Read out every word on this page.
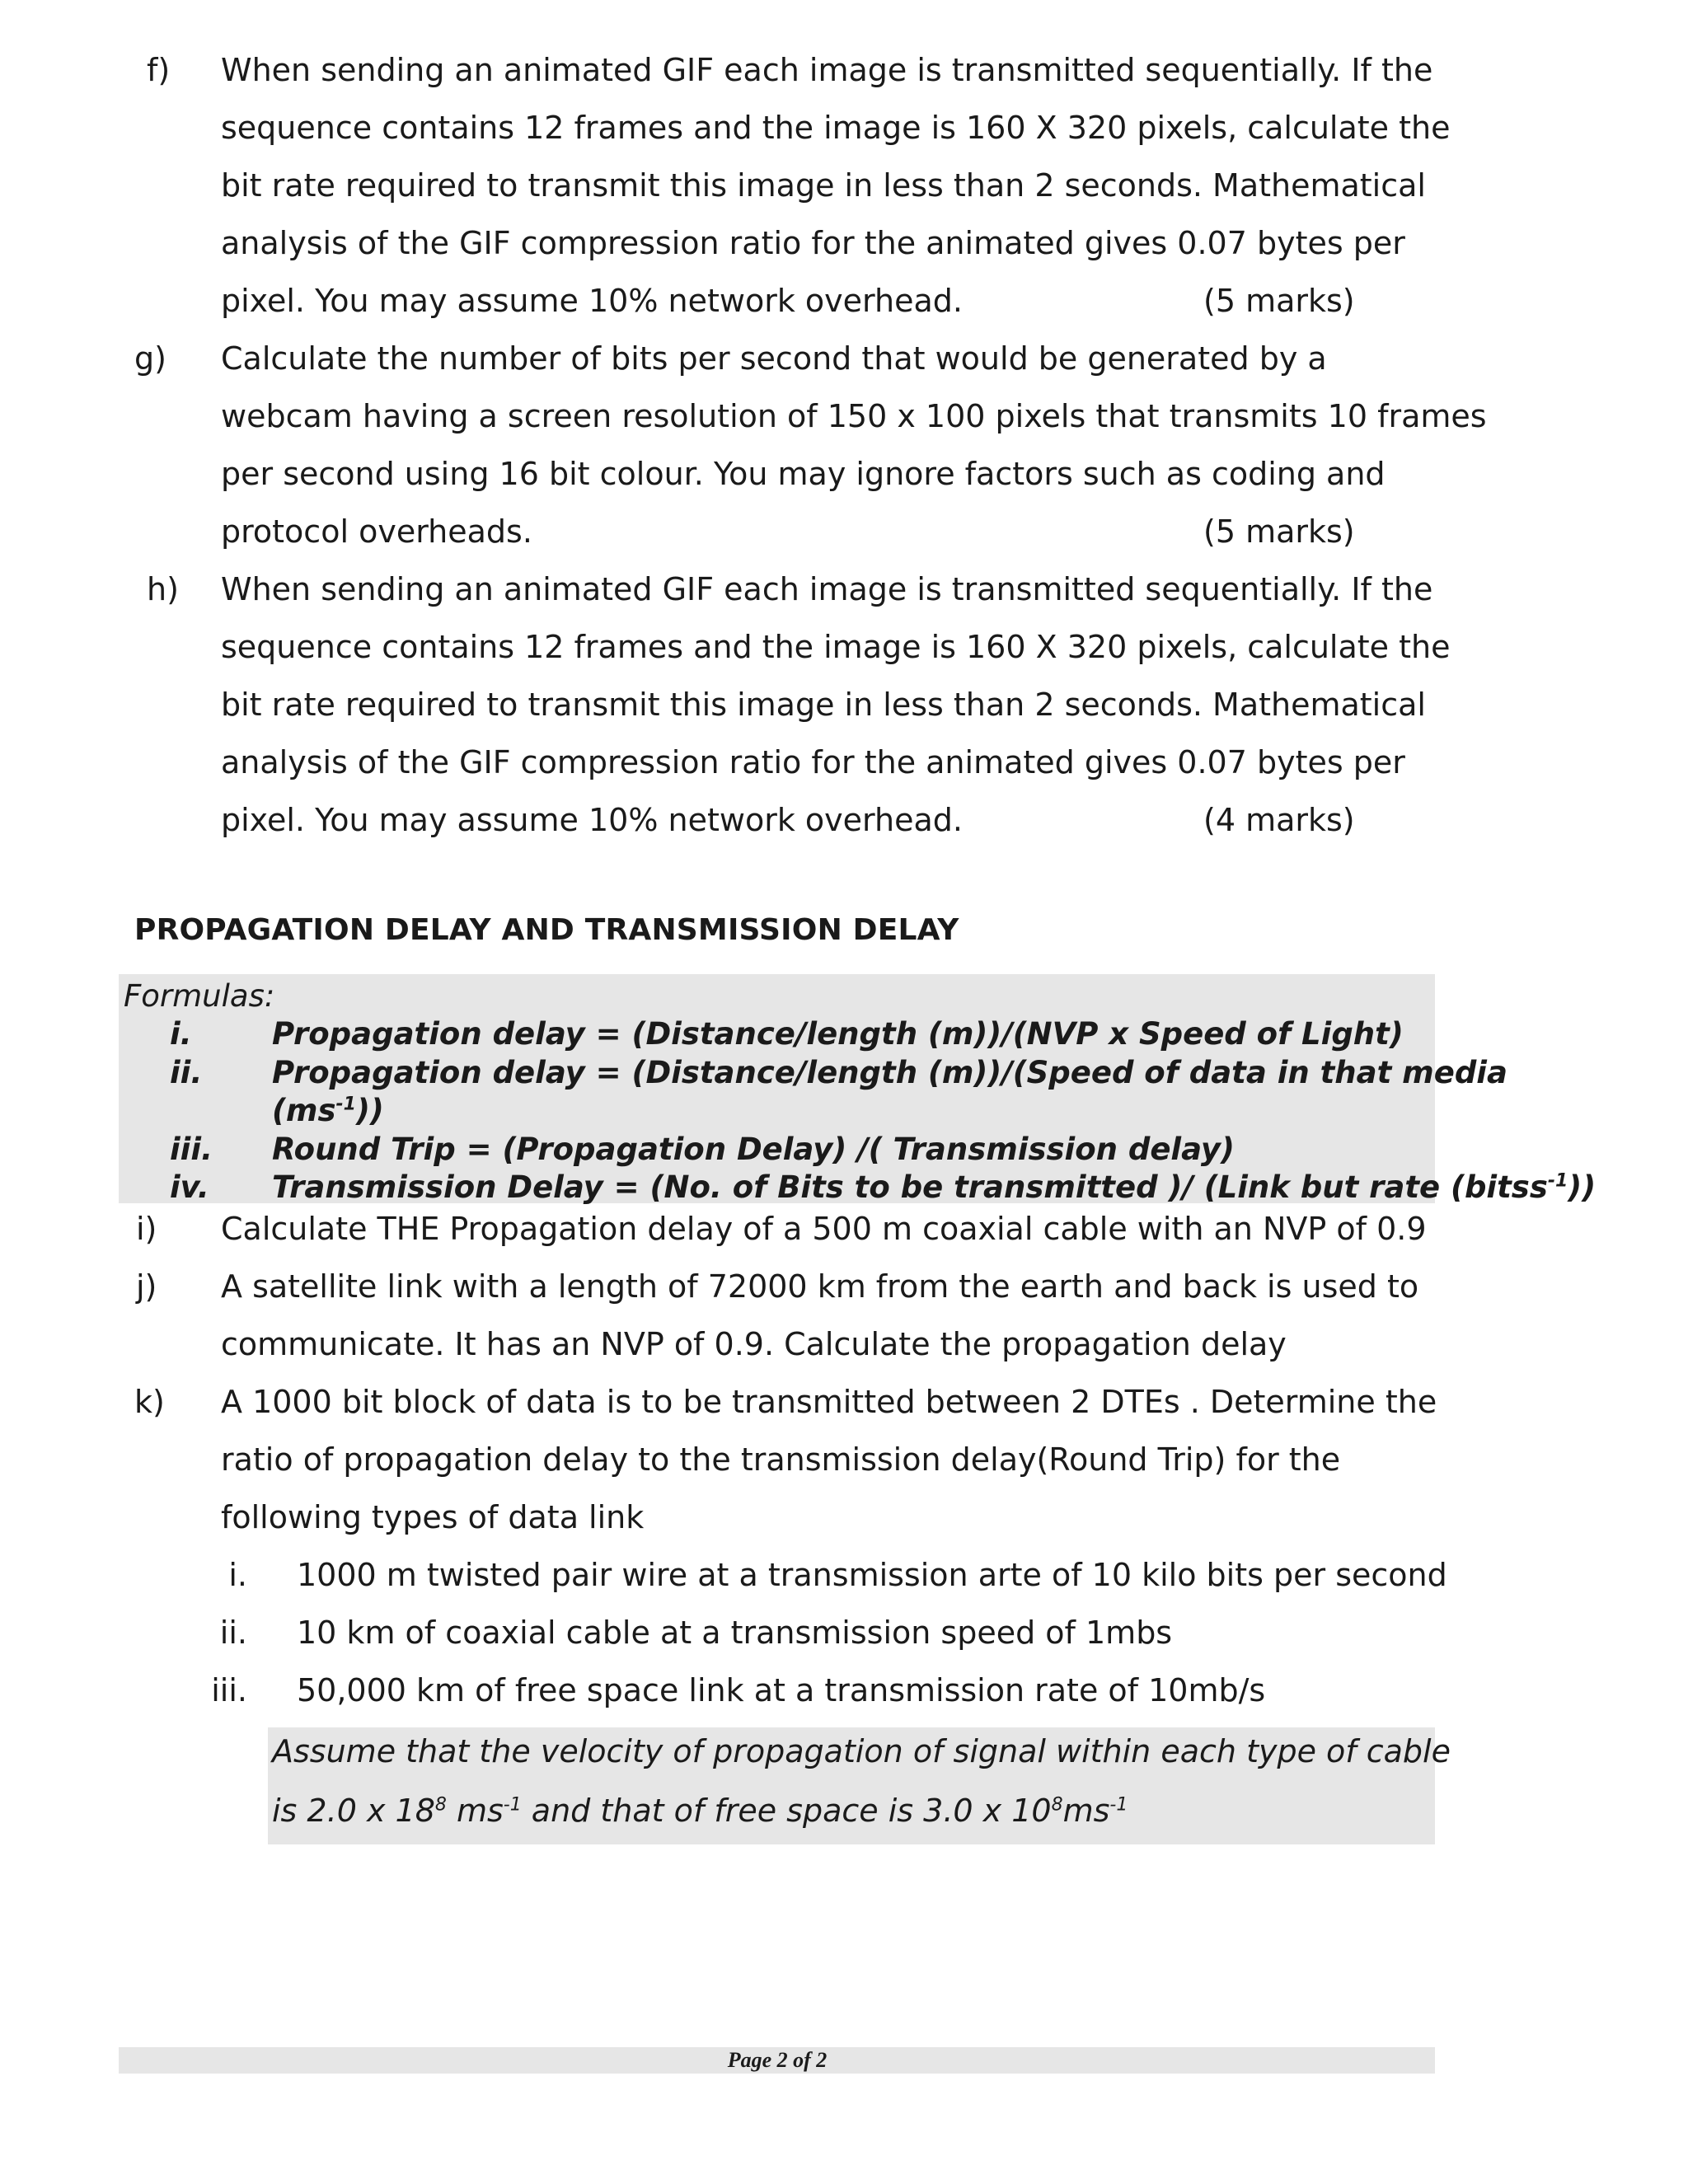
f) When sending an animated GIF each image is transmitted sequentially. If the
sequence contains 12 frames and the image is 160 X 320 pixels, calculate the
bit rate required to transmit this image in less than 2 seconds. Mathematical
analysis of the GIF compression ratio for the animated gives 0.07 bytes per
pixel. You may assume 10% network overhead.	(5 marks)
g) Calculate the number of bits per second that would be generated by a
webcam having a screen resolution of 150 x 100 pixels that transmits 10 frames
per second using 16 bit colour. You may ignore factors such as coding and
protocol overheads.	(5 marks)
h) When sending an animated GIF each image is transmitted sequentially. If the
sequence contains 12 frames and the image is 160 X 320 pixels, calculate the
bit rate required to transmit this image in less than 2 seconds. Mathematical
analysis of the GIF compression ratio for the animated gives 0.07 bytes per
pixel. You may assume 10% network overhead.	(4 marks)
PROPAGATION DELAY AND TRANSMISSION DELAY
Formulas:
i.	Propagation delay = (Distance/length (m))/(NVP x Speed of Light)
ii. Propagation delay = (Distance/length (m))/(Speed of data in that media
$(ms^{-1})$)
iii. Round Trip = (Propagation Delay) /( Transmission delay)
iv. Transmission Delay = (No. of Bits to be transmitted )/ (Link but rate (bitss$^{-1}$))
i) Calculate THE Propagation delay of a 500 m coaxial cable with an NVP of 0.9
j) A satellite link with a length of 72000 km from the earth and back is used to
communicate. It has an NVP of 0.9. Calculate the propagation delay
k) A 1000 bit block of data is to be transmitted between 2 DTEs . Determine the
ratio of propagation delay to the transmission delay(Round Trip) for the
following types of data link
i. 1000 m twisted pair wire at a transmission arte of 10 kilo bits per second
ii. 10 km of coaxial cable at a transmission speed of 1mbs
iii. 50,000 km of free space link at a transmission rate of 10mb/s
Assume that the velocity of propagation of signal within each type of cable
is 2.0 x $18^8$ $ms^{-1}$ and that of free space is 3.0 x $10^8ms^{-1}$
Page 2 of 2
